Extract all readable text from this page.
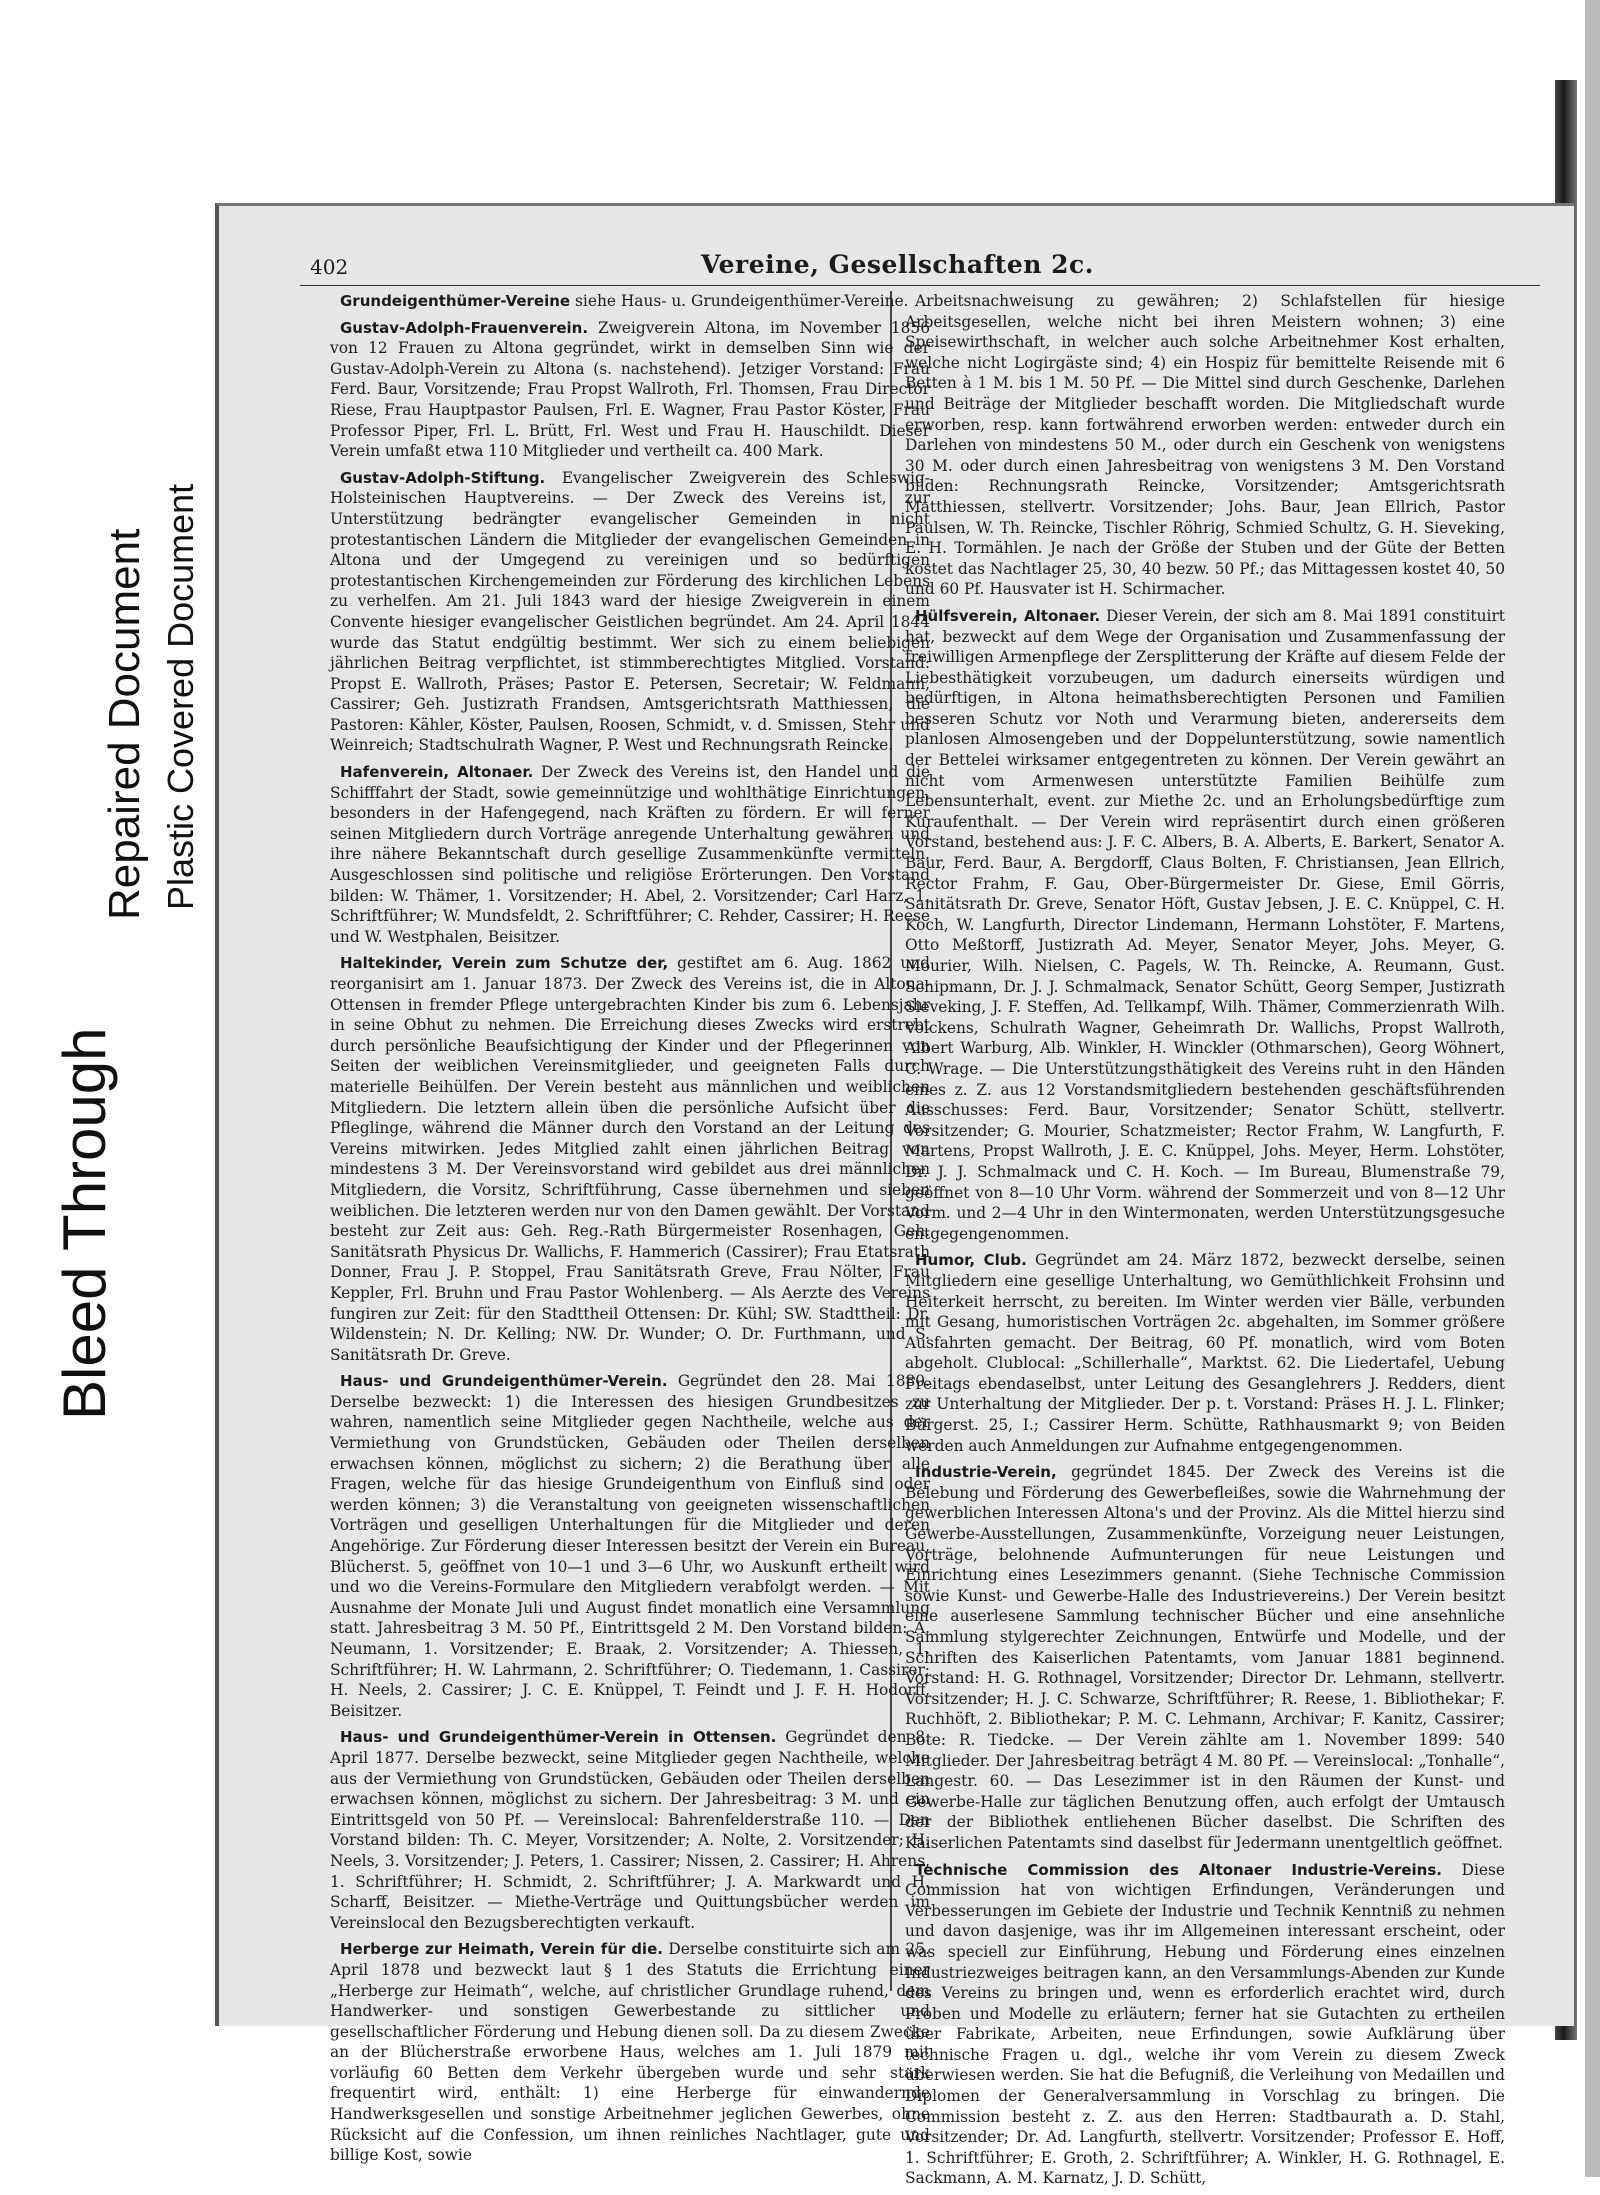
Bleed Through
Repaired Document Plastic Covered Document
402	Vereine, Gesellschaften 2c.

Grundeigenthümer-Vereine siehe Haus- u. Grundeigenthümer-Vereine.

Gustav-Adolph-Frauenverein. Zweigverein Altona, im November 1856 von 12 Frauen zu Altona gegründet, wirkt in demselben Sinn wie der Gustav-Adolph-Verein zu Altona (s. nachstehend). Jetziger Vorstand: Frau Ferd. Baur, Vorsitzende; Frau Propst Wallroth, Frl. Thomsen, Frau Director Riese, Frau Hauptpastor Paulsen, Frl. E. Wagner, Frau Pastor Köster, Frau Professor Piper, Frl. L. Brütt, Frl. West und Frau H. Hauschildt. Dieser Verein umfaßt etwa 110 Mitglieder und vertheilt ca. 400 Mark.

Gustav-Adolph-Stiftung. Evangelischer Zweigverein des Schleswig-Holsteinischen Hauptvereins. — Der Zweck des Vereins ist, zur Unterstützung bedrängter evangelischer Gemeinden in nicht protestantischen Ländern die Mitglieder der evangelischen Gemeinden in Altona und der Umgegend zu vereinigen und so bedürftigen protestantischen Kirchengemeinden zur Förderung des kirchlichen Lebens zu verhelfen. Am 21. Juli 1843 ward der hiesige Zweigverein in einem Convente hiesiger evangelischer Geistlichen begründet. Am 24. April 1844 wurde das Statut endgültig bestimmt. Wer sich zu einem beliebigen jährlichen Beitrag verpflichtet, ist stimmberechtigtes Mitglied. Vorstand: Propst E. Wallroth, Präses; Pastor E. Petersen, Secretair; W. Feldmann, Cassirer; Geh. Justizrath Frandsen, Amtsgerichtsrath Matthiessen, die Pastoren: Kähler, Köster, Paulsen, Roosen, Schmidt, v. d. Smissen, Stehr und Weinreich; Stadtschulrath Wagner, P. West und Rechnungsrath Reincke.

Hafenverein, Altonaer. Der Zweck des Vereins ist, den Handel und die Schifffahrt der Stadt, sowie gemeinnützige und wohlthätige Einrichtungen, besonders in der Hafengegend, nach Kräften zu fördern. Er will ferner seinen Mitgliedern durch Vorträge anregende Unterhaltung gewähren und ihre nähere Bekanntschaft durch gesellige Zusammenkünfte vermitteln. Ausgeschlossen sind politische und religiöse Erörterungen. Den Vorstand bilden: W. Thämer, 1. Vorsitzender; H. Abel, 2. Vorsitzender; Carl Harz, 1. Schriftführer; W. Mundsfeldt, 2. Schriftführer; C. Rehder, Cassirer; H. Reese und W. Westphalen, Beisitzer.

Haltekinder, Verein zum Schutze der, gestiftet am 6. Aug. 1862 und reorganisirt am 1. Januar 1873. Der Zweck des Vereins ist, die in Altona-Ottensen in fremder Pflege untergebrachten Kinder bis zum 6. Lebensjahr in seine Obhut zu nehmen. Die Erreichung dieses Zwecks wird erstrebt durch persönliche Beaufsichtigung der Kinder und der Pflegerinnen von Seiten der weiblichen Vereinsmitglieder, und geeigneten Falls durch materielle Beihülfen. Der Verein besteht aus männlichen und weiblichen Mitgliedern. Die letztern allein üben die persönliche Aufsicht über die Pfleglinge, während die Männer durch den Vorstand an der Leitung des Vereins mitwirken. Jedes Mitglied zahlt einen jährlichen Beitrag von mindestens 3 M. Der Vereinsvorstand wird gebildet aus drei männlichen Mitgliedern, die Vorsitz, Schriftführung, Casse übernehmen und sieben weiblichen. Die letzteren werden nur von den Damen gewählt. Der Vorstand besteht zur Zeit aus: Geh. Reg.-Rath Bürgermeister Rosenhagen, Geh. Sanitätsrath Physicus Dr. Wallichs, F. Hammerich (Cassirer); Frau Etatsrath Donner, Frau J. P. Stoppel, Frau Sanitätsrath Greve, Frau Nölter, Frau Keppler, Frl. Bruhn und Frau Pastor Wohlenberg. — Als Aerzte des Vereins fungiren zur Zeit: für den Stadttheil Ottensen: Dr. Kühl; SW. Stadttheil: Dr. Wildenstein; N. Dr. Kelling; NW. Dr. Wunder; O. Dr. Furthmann, und S. Sanitätsrath Dr. Greve.

Haus- und Grundeigenthümer-Verein. Gegründet den 28. Mai 1880. Derselbe bezweckt: 1) die Interessen des hiesigen Grundbesitzes zu wahren, namentlich seine Mitglieder gegen Nachtheile, welche aus der Vermiethung von Grundstücken, Gebäuden oder Theilen derselben erwachsen können, möglichst zu sichern; 2) die Berathung über alle Fragen, welche für das hiesige Grundeigenthum von Einfluß sind oder werden können; 3) die Veranstaltung von geeigneten wissenschaftlichen Vorträgen und geselligen Unterhaltungen für die Mitglieder und deren Angehörige. Zur Förderung dieser Interessen besitzt der Verein ein Bureau, Blücherst. 5, geöffnet von 10—1 und 3—6 Uhr, wo Auskunft ertheilt wird und wo die Vereins-Formulare den Mitgliedern verabfolgt werden. — Mit Ausnahme der Monate Juli und August findet monatlich eine Versammlung statt. Jahresbeitrag 3 M. 50 Pf., Eintrittsgeld 2 M. Den Vorstand bilden: A. Neumann, 1. Vorsitzender; E. Braak, 2. Vorsitzender; A. Thiessen, 1. Schriftführer; H. W. Lahrmann, 2. Schriftführer; O. Tiedemann, 1. Cassirer; H. Neels, 2. Cassirer; J. C. E. Knüppel, T. Feindt und J. F. H. Hodorff, Beisitzer.

Haus- und Grundeigenthümer-Verein in Ottensen. Gegründet den 8. April 1877. Derselbe bezweckt, seine Mitglieder gegen Nachtheile, welche aus der Vermiethung von Grundstücken, Gebäuden oder Theilen derselben erwachsen können, möglichst zu sichern. Der Jahresbeitrag: 3 M. und ein Eintrittsgeld von 50 Pf. — Vereinslocal: Bahrenfelderstraße 110. — Den Vorstand bilden: Th. C. Meyer, Vorsitzender; A. Nolte, 2. Vorsitzender; H. Neels, 3. Vorsitzender; J. Peters, 1. Cassirer; Nissen, 2. Cassirer; H. Ahrens, 1. Schriftführer; H. Schmidt, 2. Schriftführer; J. A. Markwardt und H. Scharff, Beisitzer. — Miethe-Verträge und Quittungsbücher werden im Vereinslocal den Bezugsberechtigten verkauft.

Herberge zur Heimath, Verein für die. Derselbe constituirte sich am 25. April 1878 und bezweckt laut § 1 des Statuts die Errichtung einer „Herberge zur Heimath“, welche, auf christlicher Grundlage ruhend, dem Handwerker- und sonstigen Gewerbestande zu sittlicher und gesellschaftlicher Förderung und Hebung dienen soll. Da zu diesem Zwecke an der Blücherstraße erworbene Haus, welches am 1. Juli 1879 mit vorläufig 60 Betten dem Verkehr übergeben wurde und sehr stark frequentirt wird, enthält: 1) eine Herberge für einwandernde Handwerksgesellen und sonstige Arbeitnehmer jeglichen Gewerbes, ohne Rücksicht auf die Confession, um ihnen reinliches Nachtlager, gute und billige Kost, sowie

Arbeitsnachweisung zu gewähren; 2) Schlafstellen für hiesige Arbeitsgesellen, welche nicht bei ihren Meistern wohnen; 3) eine Speisewirthschaft, in welcher auch solche Arbeitnehmer Kost erhalten, welche nicht Logirgäste sind; 4) ein Hospiz für bemittelte Reisende mit 6 Betten à 1 M. bis 1 M. 50 Pf. — Die Mittel sind durch Geschenke, Darlehen und Beiträge der Mitglieder beschafft worden. Die Mitgliedschaft wurde erworben, resp. kann fortwährend erworben werden: entweder durch ein Darlehen von mindestens 50 M., oder durch ein Geschenk von wenigstens 30 M. oder durch einen Jahresbeitrag von wenigstens 3 M. Den Vorstand bilden: Rechnungsrath Reincke, Vorsitzender; Amtsgerichtsrath Matthiessen, stellvertr. Vorsitzender; Johs. Baur, Jean Ellrich, Pastor Paulsen, W. Th. Reincke, Tischler Röhrig, Schmied Schultz, G. H. Sieveking, E. H. Tormählen. Je nach der Größe der Stuben und der Güte der Betten kostet das Nachtlager 25, 30, 40 bezw. 50 Pf.; das Mittagessen kostet 40, 50 und 60 Pf. Hausvater ist H. Schirmacher.

Hülfsverein, Altonaer. Dieser Verein, der sich am 8. Mai 1891 constituirt hat, bezweckt auf dem Wege der Organisation und Zusammenfassung der freiwilligen Armenpflege der Zersplitterung der Kräfte auf diesem Felde der Liebesthätigkeit vorzubeugen, um dadurch einerseits würdigen und bedürftigen, in Altona heimathsberechtigten Personen und Familien besseren Schutz vor Noth und Verarmung bieten, andererseits dem planlosen Almosengeben und der Doppelunterstützung, sowie namentlich der Bettelei wirksamer entgegentreten zu können. Der Verein gewährt an nicht vom Armenwesen unterstützte Familien Beihülfe zum Lebensunterhalt, event. zur Miethe 2c. und an Erholungsbedürftige zum Kuraufenthalt. — Der Verein wird repräsentirt durch einen größeren Vorstand, bestehend aus: J. F. C. Albers, B. A. Alberts, E. Barkert, Senator A. Baur, Ferd. Baur, A. Bergdorff, Claus Bolten, F. Christiansen, Jean Ellrich, Rector Frahm, F. Gau, Ober-Bürgermeister Dr. Giese, Emil Görris, Sanitätsrath Dr. Greve, Senator Höft, Gustav Jebsen, J. E. C. Knüppel, C. H. Koch, W. Langfurth, Director Lindemann, Hermann Lohstöter, F. Martens, Otto Meßtorff, Justizrath Ad. Meyer, Senator Meyer, Johs. Meyer, G. Mourier, Wilh. Nielsen, C. Pagels, W. Th. Reincke, A. Reumann, Gust. Schipmann, Dr. J. J. Schmalmack, Senator Schütt, Georg Semper, Justizrath Sieveking, J. F. Steffen, Ad. Tellkampf, Wilh. Thämer, Commerzienrath Wilh. Volckens, Schulrath Wagner, Geheimrath Dr. Wallichs, Propst Wallroth, Albert Warburg, Alb. Winkler, H. Winckler (Othmarschen), Georg Wöhnert, C. Wrage. — Die Unterstützungsthätigkeit des Vereins ruht in den Händen eines z. Z. aus 12 Vorstandsmitgliedern bestehenden geschäftsführenden Ausschusses: Ferd. Baur, Vorsitzender; Senator Schütt, stellvertr. Vorsitzender; G. Mourier, Schatzmeister; Rector Frahm, W. Langfurth, F. Martens, Propst Wallroth, J. E. C. Knüppel, Johs. Meyer, Herm. Lohstöter, Dr. J. J. Schmalmack und C. H. Koch. — Im Bureau, Blumenstraße 79, geöffnet von 8—10 Uhr Vorm. während der Sommerzeit und von 8—12 Uhr Vorm. und 2—4 Uhr in den Wintermonaten, werden Unterstützungsgesuche entgegengenommen.

Humor, Club. Gegründet am 24. März 1872, bezweckt derselbe, seinen Mitgliedern eine gesellige Unterhaltung, wo Gemüthlichkeit Frohsinn und Heiterkeit herrscht, zu bereiten. Im Winter werden vier Bälle, verbunden mit Gesang, humoristischen Vorträgen 2c. abgehalten, im Sommer größere Ausfahrten gemacht. Der Beitrag, 60 Pf. monatlich, wird vom Boten abgeholt. Clublocal: „Schillerhalle“, Marktst. 62. Die Liedertafel, Uebung Freitags ebendaselbst, unter Leitung des Gesanglehrers J. Redders, dient zur Unterhaltung der Mitglieder. Der p. t. Vorstand: Präses H. J. L. Flinker; Bürgerst. 25, I.; Cassirer Herm. Schütte, Rathhausmarkt 9; von Beiden werden auch Anmeldungen zur Aufnahme entgegengenommen.

Industrie-Verein, gegründet 1845. Der Zweck des Vereins ist die Belebung und Förderung des Gewerbefleißes, sowie die Wahrnehmung der gewerblichen Interessen Altona's und der Provinz. Als die Mittel hierzu sind Gewerbe-Ausstellungen, Zusammenkünfte, Vorzeigung neuer Leistungen, Vorträge, belohnende Aufmunterungen für neue Leistungen und Einrichtung eines Lesezimmers genannt. (Siehe Technische Commission sowie Kunst- und Gewerbe-Halle des Industrievereins.) Der Verein besitzt eine auserlesene Sammlung technischer Bücher und eine ansehnliche Sammlung stylgerechter Zeichnungen, Entwürfe und Modelle, und der Schriften des Kaiserlichen Patentamts, vom Januar 1881 beginnend. Vorstand: H. G. Rothnagel, Vorsitzender; Director Dr. Lehmann, stellvertr. Vorsitzender; H. J. C. Schwarze, Schriftführer; R. Reese, 1. Bibliothekar; F. Ruchhöft, 2. Bibliothekar; P. M. C. Lehmann, Archivar; F. Kanitz, Cassirer; Bote: R. Tiedcke. — Der Verein zählte am 1. November 1899: 540 Mitglieder. Der Jahresbeitrag beträgt 4 M. 80 Pf. — Vereinslocal: „Tonhalle“, Langestr. 60. — Das Lesezimmer ist in den Räumen der Kunst- und Gewerbe-Halle zur täglichen Benutzung offen, auch erfolgt der Umtausch der der Bibliothek entliehenen Bücher daselbst. Die Schriften des Kaiserlichen Patentamts sind daselbst für Jedermann unentgeltlich geöffnet.

Technische Commission des Altonaer Industrie-Vereins. Diese Commission hat von wichtigen Erfindungen, Veränderungen und Verbesserungen im Gebiete der Industrie und Technik Kenntniß zu nehmen und davon dasjenige, was ihr im Allgemeinen interessant erscheint, oder was speciell zur Einführung, Hebung und Förderung eines einzelnen Industriezweiges beitragen kann, an den Versammlungs-Abenden zur Kunde des Vereins zu bringen und, wenn es erforderlich erachtet wird, durch Proben und Modelle zu erläutern; ferner hat sie Gutachten zu ertheilen über Fabrikate, Arbeiten, neue Erfindungen, sowie Aufklärung über technische Fragen u. dgl., welche ihr vom Verein zu diesem Zweck überwiesen werden. Sie hat die Befugniß, die Verleihung von Medaillen und Diplomen der Generalversammlung in Vorschlag zu bringen. Die Commission besteht z. Z. aus den Herren: Stadtbaurath a. D. Stahl, Vorsitzender; Dr. Ad. Langfurth, stellvertr. Vorsitzender; Professor E. Hoff, 1. Schriftführer; E. Groth, 2. Schriftführer; A. Winkler, H. G. Rothnagel, E. Sackmann, A. M. Karnatz, J. D. Schütt,
